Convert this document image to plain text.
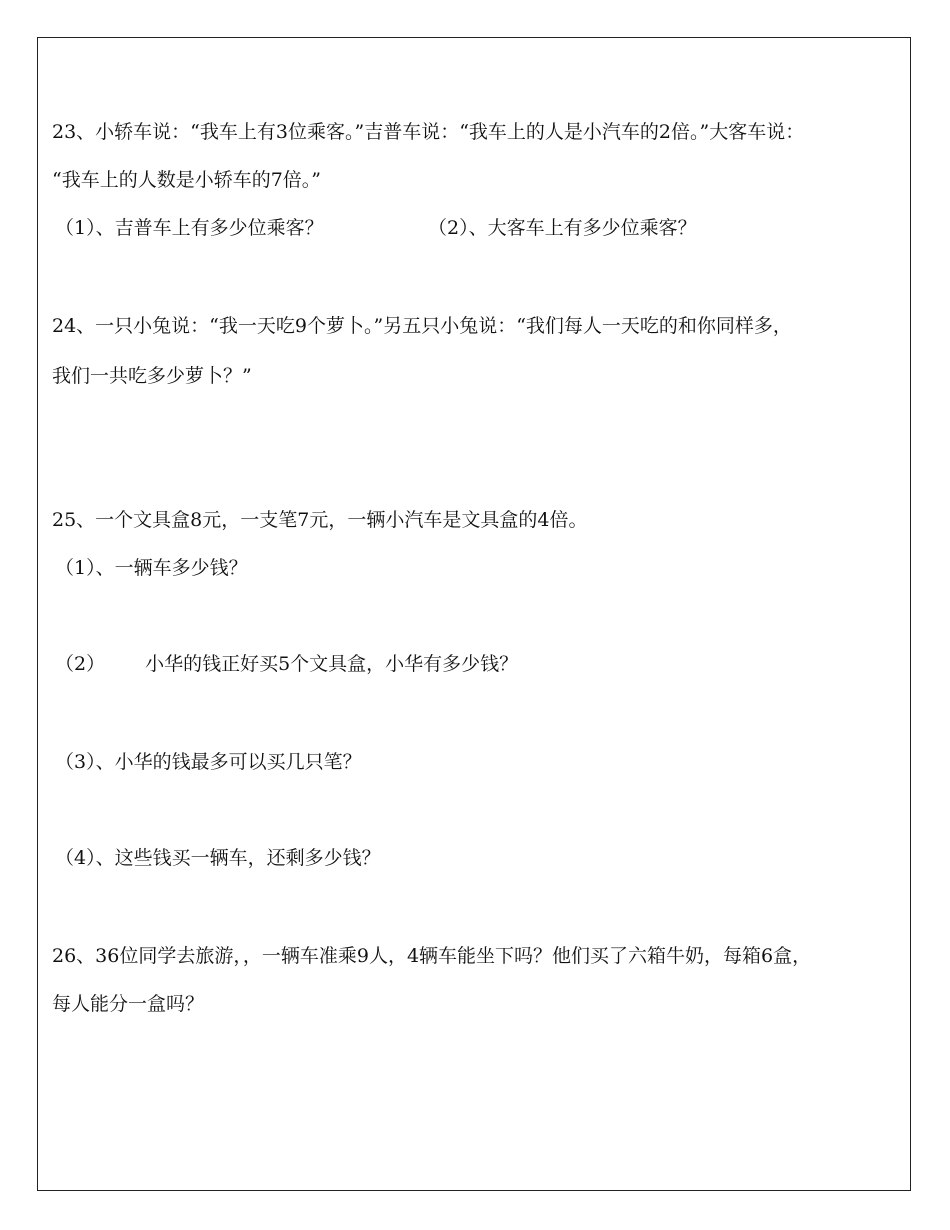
23、小轿车说：“我车上有3位乘客。”吉普车说：“我车上的人是小汽车的2倍。”大客车说：
“我车上的人数是小轿车的7倍。”
（1）、吉普车上有多少位乘客？	（2）、大客车上有多少位乘客？
24、一只小兔说：“我一天吃9个萝卜。”另五只小兔说：“我们每人一天吃的和你同样多，
我们一共吃多少萝卜？”
25、一个文具盒8元，一支笔7元，一辆小汽车是文具盒的4倍。
（1）、一辆车多少钱？
（2） 小华的钱正好买5个文具盒，小华有多少钱？
（3）、小华的钱最多可以买几只笔？
（4）、这些钱买一辆车，还剩多少钱？
26、36位同学去旅游，，一辆车准乘9人，4辆车能坐下吗？他们买了六箱牛奶，每箱6盒，
每人能分一盒吗？
